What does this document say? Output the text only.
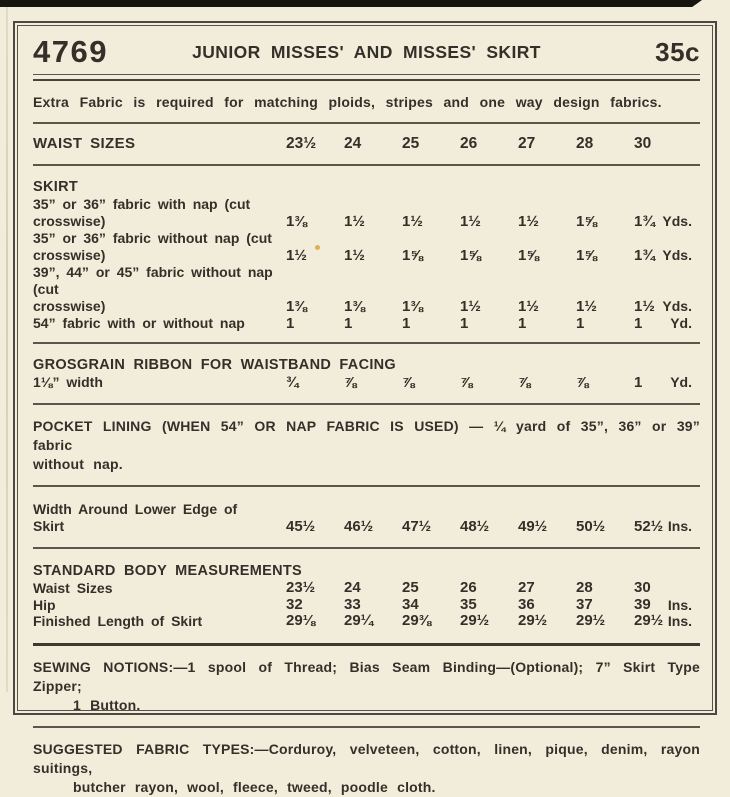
4769	JUNIOR MISSES' AND MISSES' SKIRT	35c
Extra Fabric is required for matching ploids, stripes and one way design fabrics.
WAIST SIZES	23½	24	25	26	27	28	30
SKIRT
35” or 36” fabric with nap (cut
crosswise)	1⅜	1½	1½	1½	1½	1⅝	1¾ Yds.
35” or 36” fabric without nap (cut
crosswise)	1½	1½	1⅝	1⅝	1⅝	1⅝	1¾ Yds.
39”, 44” or 45” fabric without nap (cut
crosswise)	1⅜	1⅜	1⅜	1½	1½	1½	1½ Yds.
54” fabric with or without nap	1	1	1	1	1	1	1	Yd.
GROSGRAIN RIBBON FOR WAISTBAND FACING
1⅛” width	¾	⅞	⅞	⅞	⅞	⅞	1	Yd.
POCKET LINING (WHEN 54” OR NAP FABRIC IS USED) — ¼ yard of 35”, 36” or 39” fabric
without nap.
Width Around Lower Edge of
Skirt	45½	46½	47½	48½	49½	50½	52½ Ins.
STANDARD BODY MEASUREMENTS
Waist Sizes	23½	24	25	26	27	28	30
Hip	32	33	34	35	36	37	39	Ins.
Finished Length of Skirt	29⅛	29¼	29⅜	29½	29½	29½	29½ Ins.
SEWING NOTIONS:—1 spool of Thread; Bias Seam Binding—(Optional); 7” Skirt Type Zipper;
1 Button.
SUGGESTED FABRIC TYPES:—Corduroy, velveteen, cotton, linen, pique, denim, rayon suitings,
butcher rayon, wool, fleece, tweed, poodle cloth.
